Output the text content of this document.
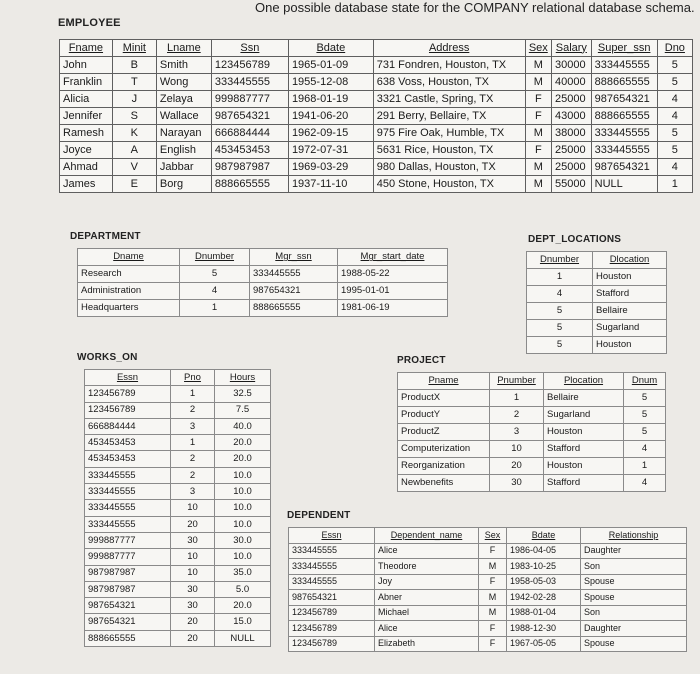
One possible database state for the COMPANY relational database schema.
EMPLOYEE
Fname	Minit	Lname	Ssn	Bdate	Address	Sex	Salary	Super_ssn	Dno
John	B	Smith	123456789	1965-01-09	731 Fondren, Houston, TX	M	30000	333445555	5
Franklin	T	Wong	333445555	1955-12-08	638 Voss, Houston, TX	M	40000	888665555	5
Alicia	J	Zelaya	999887777	1968-01-19	3321 Castle, Spring, TX	F	25000	987654321	4
Jennifer	S	Wallace	987654321	1941-06-20	291 Berry, Bellaire, TX	F	43000	888665555	4
Ramesh	K	Narayan	666884444	1962-09-15	975 Fire Oak, Humble, TX	M	38000	333445555	5
Joyce	A	English	453453453	1972-07-31	5631 Rice, Houston, TX	F	25000	333445555	5
Ahmad	V	Jabbar	987987987	1969-03-29	980 Dallas, Houston, TX	M	25000	987654321	4
James	E	Borg	888665555	1937-11-10	450 Stone, Houston, TX	M	55000	NULL	1
DEPARTMENT
Dname	Dnumber	Mgr_ssn	Mgr_start_date
Research	5	333445555	1988-05-22
Administration	4	987654321	1995-01-01
Headquarters	1	888665555	1981-06-19
DEPT_LOCATIONS
Dnumber	Dlocation
1	Houston
4	Stafford
5	Bellaire
5	Sugarland
5	Houston
WORKS_ON
Essn	Pno	Hours
123456789	1	32.5
123456789	2	7.5
666884444	3	40.0
453453453	1	20.0
453453453	2	20.0
333445555	2	10.0
333445555	3	10.0
333445555	10	10.0
333445555	20	10.0
999887777	30	30.0
999887777	10	10.0
987987987	10	35.0
987987987	30	5.0
987654321	30	20.0
987654321	20	15.0
888665555	20	NULL
PROJECT
Pname	Pnumber	Plocation	Dnum
ProductX	1	Bellaire	5
ProductY	2	Sugarland	5
ProductZ	3	Houston	5
Computerization	10	Stafford	4
Reorganization	20	Houston	1
Newbenefits	30	Stafford	4
DEPENDENT
Essn	Dependent_name	Sex	Bdate	Relationship
333445555	Alice	F	1986-04-05	Daughter
333445555	Theodore	M	1983-10-25	Son
333445555	Joy	F	1958-05-03	Spouse
987654321	Abner	M	1942-02-28	Spouse
123456789	Michael	M	1988-01-04	Son
123456789	Alice	F	1988-12-30	Daughter
123456789	Elizabeth	F	1967-05-05	Spouse
